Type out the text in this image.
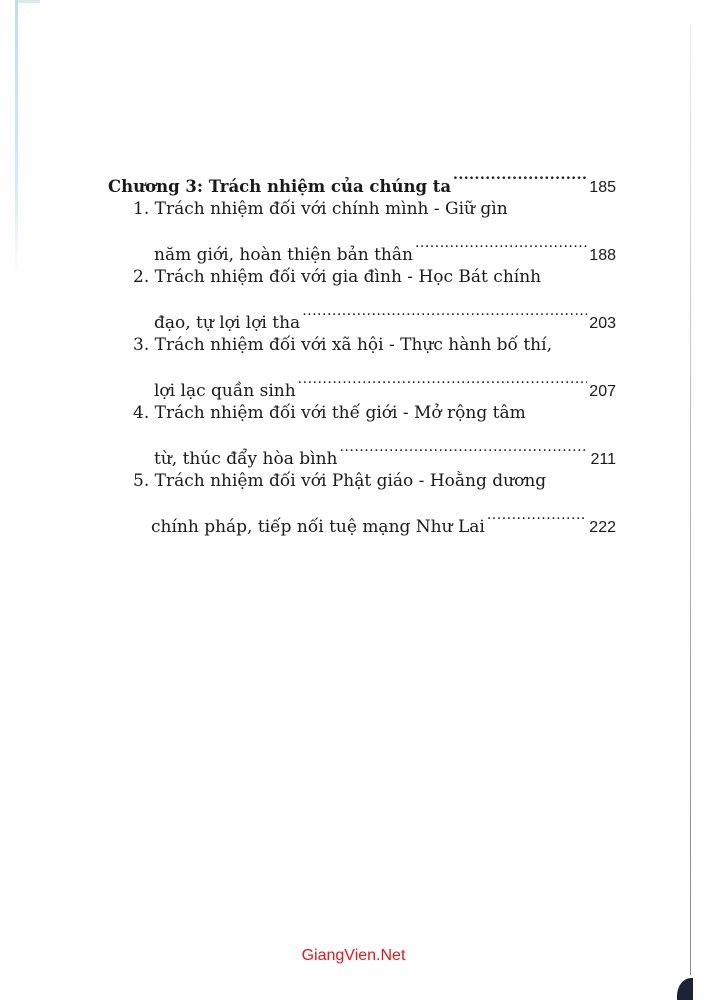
Chương 3: Trách nhiệm của chúng ta .....	185
1. Trách nhiệm đối với chính mình - Giữ gìn
năm giới, hoàn thiện bản thân .....	188
2. Trách nhiệm đối với gia đình - Học Bát chính
đạo, tự lợi lợi tha .....	203
3. Trách nhiệm đối với xã hội - Thực hành bố thí,
lợi lạc quần sinh .....	207
4. Trách nhiệm đối với thế giới - Mở rộng tâm
từ, thúc đẩy hòa bình .....	211
5. Trách nhiệm đối với Phật giáo - Hoằng dương
chính pháp, tiếp nối tuệ mạng Như Lai .....	222
GiangVien.Net
